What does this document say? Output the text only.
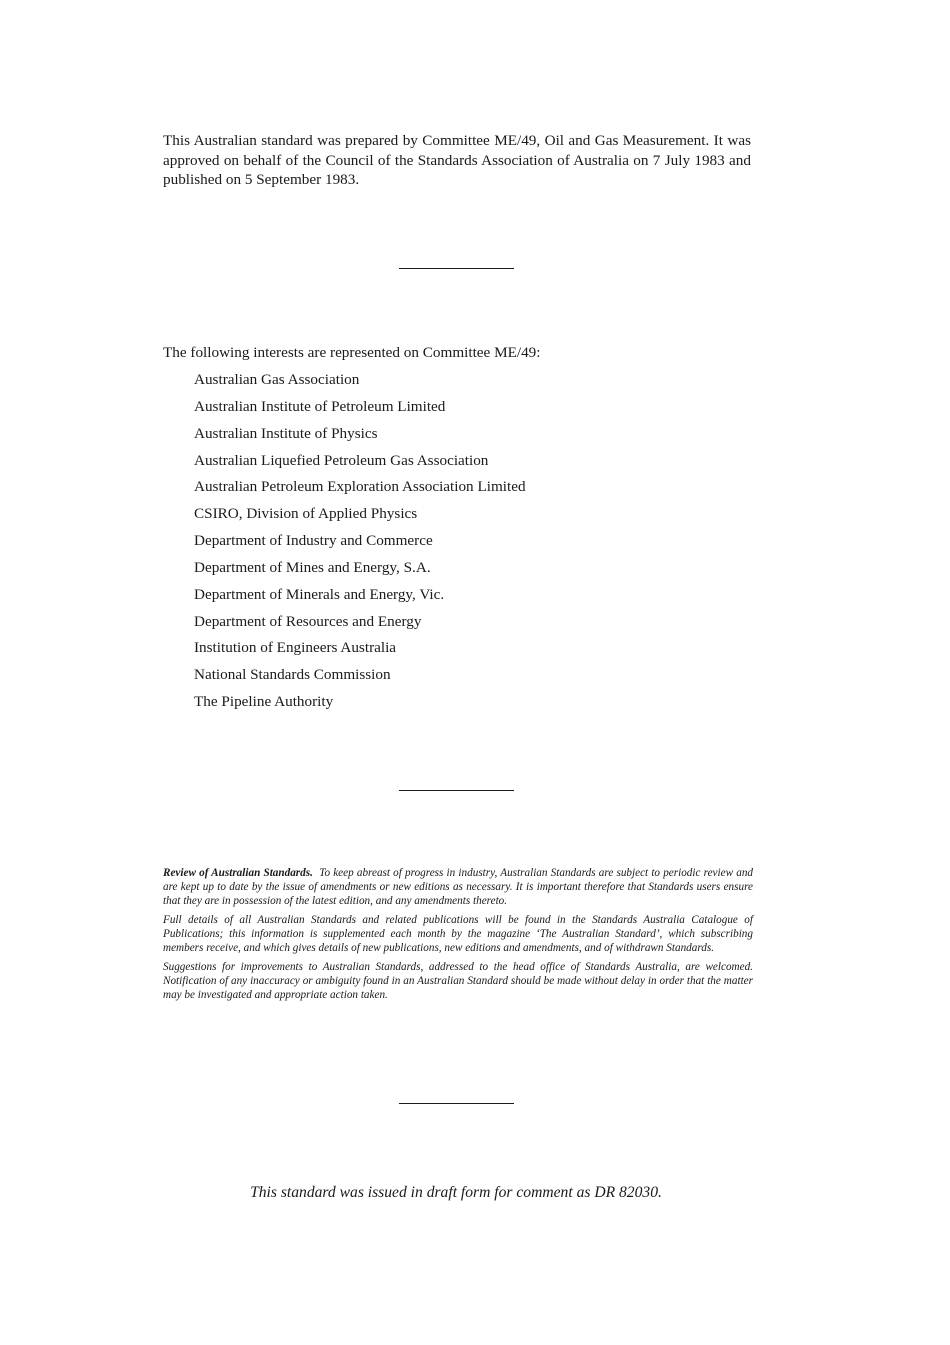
This Australian standard was prepared by Committee ME/49, Oil and Gas Measurement. It was approved on behalf of the Council of the Standards Association of Australia on 7 July 1983 and published on 5 September 1983.

The following interests are represented on Committee ME/49:

Australian Gas Association
Australian Institute of Petroleum Limited
Australian Institute of Physics
Australian Liquefied Petroleum Gas Association
Australian Petroleum Exploration Association Limited
CSIRO, Division of Applied Physics
Department of Industry and Commerce
Department of Mines and Energy, S.A.
Department of Minerals and Energy, Vic.
Department of Resources and Energy
Institution of Engineers Australia
National Standards Commission
The Pipeline Authority

Review of Australian Standards. To keep abreast of progress in industry, Australian Standards are subject to periodic review and are kept up to date by the issue of amendments or new editions as necessary. It is important therefore that Standards users ensure that they are in possession of the latest edition, and any amendments thereto.

Full details of all Australian Standards and related publications will be found in the Standards Australia Catalogue of Publications; this information is supplemented each month by the magazine ‘The Australian Standard’, which subscribing members receive, and which gives details of new publications, new editions and amendments, and of withdrawn Standards.

Suggestions for improvements to Australian Standards, addressed to the head office of Standards Australia, are welcomed. Notification of any inaccuracy or ambiguity found in an Australian Standard should be made without delay in order that the matter may be investigated and appropriate action taken.

This standard was issued in draft form for comment as DR 82030.
